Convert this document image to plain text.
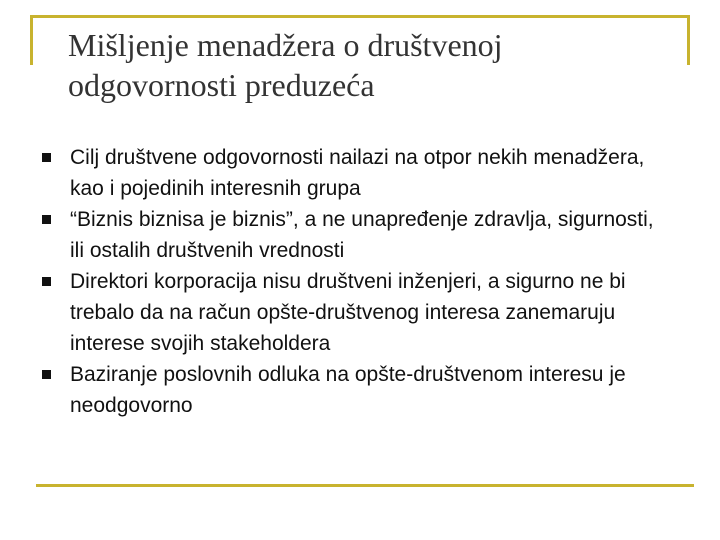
Mišljenje menadžera o društvenoj odgovornosti preduzeća
Cilj društvene odgovornosti nailazi na otpor nekih menadžera, kao i pojedinih interesnih grupa
“Biznis biznisa je biznis”, a ne unapređenje zdravlja, sigurnosti, ili ostalih društvenih vrednosti
Direktori korporacija nisu društveni inženjeri, a sigurno ne bi trebalo da na račun opšte-društvenog interesa zanemaruju interese svojih stakeholdera
Baziranje poslovnih odluka na opšte-društvenom interesu je neodgovorno
